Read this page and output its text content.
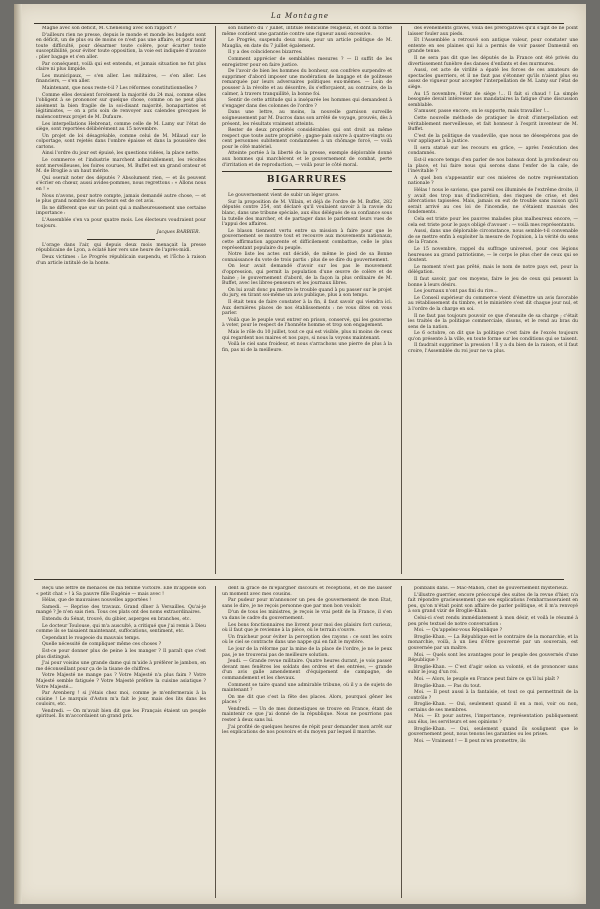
La Montagne

Magne avec son déficit, M. Chenelong avec son rapport ?

D'ailleurs rien ne presse, depuis le monde et monde les budgets sont en déficit, un de plus ou de moins ce n'est pas une affaire, et pour tenir toute difficulté, pour désarmer toute colère, pour écarter toute susceptibilité, pour éviter toute opposition, la voie est indiquée d'avance : plier bagage et s'en aller.

Par conséquent, voilà qui est entendu, et jamais situation ne fut plus claire ni plus limpide.

Les municipaux, — s'en aller. Les militaires, — s'en aller. Les financiers, — s'en aller.

Maintenant, que nous reste-t-il ? Les réformes constitutionnelles ?

Comme elles devaient forcément la majorité du 24 mai, comme elles l'obligent à se prononcer sur quelque chose, comme on ne peut plus aisément la bien fragile de la soi-disant majorité, bonapartistes et légitimistes, — on a pris soin de renvoyer aux calendes grecques le malencontreux projet de M. Dufaure.

Les interpellations Hebrenat, comme celle de M. Lamy sur l'état de siège, sont reportées délibérément au 15 novembre.

Un projet de loi désagréable, comme celui de M. Milaud sur le colportage, sont rejetés dans l'ombre épaisse et dans la poussière des cartons.

Ainsi l'ordre du jour est épuisé, les questions vidées, la place nette.

Le commerce et l'industrie marchent admirablement, les récoltes sont merveilleuses, les foires courues, M. Buffet est un grand orateur et M. de Broglie a un haut mérite.

Qui oserait noter des députés ? Absolument rien, — et ils peuvent s'écrier en chœur, aussi avides-pommes, nous regrettons : « Allons nous en ! »

Nous n'avons, pour notre compte, jamais demandé autre chose, — et le plus grand nombre des électeurs est de cet avis.

Ils ne different que sur un point qui a malheureusement une certaine importance :

L'Assemblée s'en va pour quatre mois. Les électeurs voudraient pour toujours.

Jacques BARBIER.

L'orage dans l'air, qui depuis deux mois menaçait la presse républicaine de Lyon, a éclaté hier vers une heure de l'après-midi.

Deux victimes : Le Progrès républicain suspendu, et l'Écho à raison d'un article intitulé de la honte.

son numéro du 7 juillet, intitulé Bellicisme religieux, et dont la forme même contient une garantie contre une rigueur aussi excessive.

Le Progrès, suspendu deux mois, pour un article politique de M. Mauglia, en date du 7 juillet également.

Il y a des coïncidences bizarres.

Comment apprécier de semblables mesures ? — Il suffit de les enregistrer pour en faire justice.

De l'avoir de bien les hommes du bonheur, son confrère surpendre et supprimer d'abord imposer une modération de langage et de politesse remarquée par leurs adversaires politiques eux-mêmes. — Loin de pousser à la révolte et au désordre, ils s'efforçaient, au contraire, de la calmer, à travers tranquillité, la bonne foi.

Sentir de cette attitude qui a inséparée les hommes qui demandent à s'engager dans des colonnes de l'ordre ?

Dans une lettre, au moins, la nouvelle garnison surveille soigneusement par M. Ducros dans son arrêté de voyage, prouvés, dès à présent, les résultats vraiment atteints.

Rester de deux propriétés considérables qui ont droit au même respect que toute autre propriété ; gagne-pain suivre à quatre-vingts ou cent personnes subitement condamnées à un chômage forcé, — voilà pour le côté matériel.

Atteinte portée à la liberté de la presse, exemple déplorable donné aux hommes qui marchèrent et le gouvernement de combat, perte d'irritation et de reproduction, — voilà pour le côté moral.

BIGARRURES

Le gouvernement vient de subir un léger grave.

Sur la proposition de M. Villain, et déjà de l'ordre de M. Buffet, 282 députés contre 254, ont déclaré qu'il voulaient savoir à la ravoie du blanc, dans une tribune spéciale, aux élus délégués de sa confiance sous la tutelle des marcher, et de partager dans le parlement leurs vues de l'appui des affaires.

Le blason tiennent vertu entre sa mission à faire pour que le gouvernement se montre tout et recouvre aux mouvements nationaux, cette affirmation apparente et difficilement combattue, celle le plus représentant populaire du peuple.

Notre liste les actes ont décidé, de même le pied de sa Bonne connaissance du vote de trois partis : plus de se dire du gouvernement.

On leur avait demandé d'avoir sur les pas le mouvement d'oppression, qui permit la population d'une œuvre de colère et de haine ; le gouvernement d'abord, de la façon la plus ordinaire de M. Buffet, avec les libres-penseurs et les journaux libres.

On lui avait donc pu mettre le trouble quand à pu passer sur le projet du jury, en tirant soi-même un avis publique, plus à son temps.

Il était tenu de faire constater à la fin, il faut savoir qui viendra ici. Aux dernières places de nos établissements : ne vous dites on vous parler.

Voilà que le peuple veut entrer en prison, conservé, qui les gouverne à voter, pour le respect de l'honnête homme et trop son engagement.

Mais le rôle du 10 juillet, tout ce qui est visible, plus ni moins de ceux qui regardent nos maires et nos pays, si nous la voyons maintenant.

Voilà le ciel sans froideur, et nous s'arrachons une pierre de plus à la fin, pas ni de la meilleure.

des événements graves, voilà des prérogatives qu'il s'agit de ne point laisser fouler aux pieds.

Et l'Assemblée a retrouvé son antique valeur, pour constater une entente en ses plaines qui lui a permis de voir passer Damesnil en grande tenue.

Il ne sera pas dit que les députés de la France ont été privés du divertissement funèbre des danses d'enfants et des murmures.

Aussi, cet acte de virilité a épaté les forces de ces amateurs de spectacles guerriers, et il ne faut pas s'étonner qu'ils n'aient plus eu assez de vigueur pour accepter l'interpellation de M. Lamy sur l'état de siège.

Au 15 novembre, l'état de siège !... Il fait si chaud ! La simple besognée devait intéresser nos mandataires la fatigue d'une discussion semblable.

S'amuser, passe encore, on le supporte, mais travailler !...

Cette nouvelle méthode de pratiquer le droit d'interpellation est véritablement merveilleuse, et fait honneur à l'esprit inventeur de M. Buffet.

C'est de la politique de vaudeville, que nous ne désespérons pas de voir appliquer à la justice.

Il sera statué sur les recours en grâce, — après l'exécution des condamnés.

Est-il encore temps d'en parler de nos bateaux dont la profondeur ou la place, et lui faire nous qui serons dans l'enfer de la cale, de l'inévitable ?

A quel bon s'appesantir sur ces misères de notre représentation nationale ?

Hélas ! nous le savions, que pareil ces illuminés de l'extrême droite, il y avait des trop nus d'indiscrétion, des risques de crise, et des altercations tapissées. Mais, jamais on eut de trouble sans raison qu'il serait arrivé au ces loi de l'incendie, ne s'étaient mauvais des fondements.

Cela est triste pour les pauvres malades plus malheureux encore, — cela est triste pour le pays obligé d'avouer : — voilà mes représentants.

Aussi, dans une déplorable circonstance, nous semble-t-il convenable de se mettre enfin à exploiter la mesure de l'opinion, à la vérité du sens de la France.

Le 15 novembre, rappel du suffrage universel, pour ces légions heureuses au grand patriotisme, — le corps le plus cher de ceux qui se doutent.

Le moment n'est pas prêté, mais le nom de notre pays est, pour la délégation.

Il faut savoir, par ces moyens, faire le jeu de ceux qui pensent la bonne à leurs désirs.

Les journaux n'ont pas fini du rire...

Le Conseil supérieur du commerce vient d'émettre un avis favorable au rétablissement du timbre, et le ministère s'est dit chaque jour nul, et à l'ordre de la charge en soi.

Il ne faut pas toujours pouvoir ce que d'ensuite de sa charge ; c'était les traités de la politique commerciale, disons, et le rend au bras du sens de la nation.

Le 6 octobre, on dit que la politique c'est faire de l'excès toujours qu'on présente à la ville, en toute forme sur les conditions qui se taisent.

Il faudrait supprimer la pression ! Il y a du bien de la raison, et il faut croire, l'Assemblée du roi jour ne va plus.

Reçu une lettre de menaces de ma femme Victoire. Elle m'appelle son « petit chat » ! à Sa pauvre fille Eugénie — mais avec !

Hélas, que de mauvaises nouvelles apportées !

Samedi. — Reprise des travaux. Grand dîner à Versailles. Qu'ai-je mangé ? Je n'en sais rien. Tous ces plats ont des noms extraordinaires.

Entendu du Sénat, trouvé, du gibier, asperges en branches, etc.

Le docteur Toulouse, qui m'a ausculté, a critiqué que j'ai remis à Dieu comme ils se taisaient maintenant, suffocations, sentiment, etc.

Cependant le rougeoie du mauvais temps.

Quelle nécessité de compliquer même ces choses ?

Est-ce pour donner plus de peine à les manger ? Il paraît que c'est plus distingué.

J'ai pour voisins une grande dame qui m'aide à préférer le jambon, en me déconseillant pour ça de la tisane de chiffres.

Votre Majesté ne mange pas ? Votre Majesté n'a plus faim ? Votre Majesté semble fatiguée ? Votre Majesté préfère la cuisine asiatique ? Votre Majesté...

Par Arenberg ! si j'étais chez moi, comme je m'enfermerais à la cuisine ! Le marquis d'Aston m'a fait le jour, mais des lits dans les couloirs, etc.

Vendredi. — On m'avait bien dit que les Français étaient un peuple spirituel. Ils m'accordaient un grand prix.

dent la grâce de m'épargner discours et réceptions, et de me laisser un moment avec mes cousins.

Par pudeur pour m'annoncer un peu de gouvernement de mon Etat, sans le dire, je ne reçois personne que par mon bon vouloir.

D'un de tous les ministres, je reçois le vrai petit de la France, il s'en va dans le cadre du gouvernement.

Les bons fonctionnaires me livrent pour moi des plaisirs fort curieux, où il faut que je revienne à la pièce, où le terrain s'ouvre.

Un fraicheur pour éviter la perception des rayons : ce sont les soirs où le ciel se contracte dans une nappe qui en fait le mystère.

Le jour de la réforme par la mine de la place de l'ordre, je ne le peux pas, je ne trouverai pas de meilleure solution.

Jeudi. — Grande revue militaire. Quatre heures durant, je vois passer devant mes fenêtres les soldats des ordres et des entrées, — grande d'un avis galle amendement d'équipement de campagne, de commandement et les chevaux.

Comment se taire quand une admirable tribune, où il y a de sujets de maintenant ?

On me dit que c'est la fête des places. Alors, pourquoi gêner les places ?

Vendredi. — Un de mes domestiques se trouve en France, étant de maintenir ce que j'ai donné de la république. Nous ne pourrions pas rester à deux sans lui.

J'ai profité de quelques heures de répit pour demander mon arrêt sur les explications de nos pouvoirs et du moyen par lequel il marche.

poinballs dans. — Mac-Mahon, chef de gouvernement mystérieux.

L'illustre guerrier, encore préoccupé des suites de la revue d'hier, n'a fait répondre gracieusement que ses explications l'embarrasseraient en peu, qu'on n'était point son affaire de parler politique, et il m'a renvoyé à son grand vizir de Broglie-Khan.

Celui-ci s'est rendu immédiatement à mon désir, et voilà le résumé à peu près textuel de notre conversation :

Moi. — Qu'appelez-vous République ?

Broglie-Khan. — La République est le contraire de la monarchie, et la monarchie, voilà, à un lieu d'être gouverné par un souverain, est gouvernée par un maître.

Moi. — Quels sont les avantages pour le peuple des gouvernés d'une République ?

Broglie-Khan. — C'est d'agir selon sa volonté, et de prononcer sans subir le joug d'un roi.

Moi. — Alors, le peuple en France peut faire ce qu'il lui plaît ?

Broglie-Khan. — Pas du tout.

Moi. — Il peut aussi à la fantaisie, et tout ce qui permettrait de la contrôle ?

Broglie-Khan. — Oui, seulement quand il en a moi, voir ou non, certains de ses membres.

Moi. — Et pour autres, l'importance, représentation publiquement aux élus, les serviteurs et ses opinions ?

Broglie-Khan. — Oui, seulement quand ils soulignent que le gouvernement peut, nous tenons les garanties ou les prises.

Moi. — Vraiment ! — Il peut m'en promettre, ils
